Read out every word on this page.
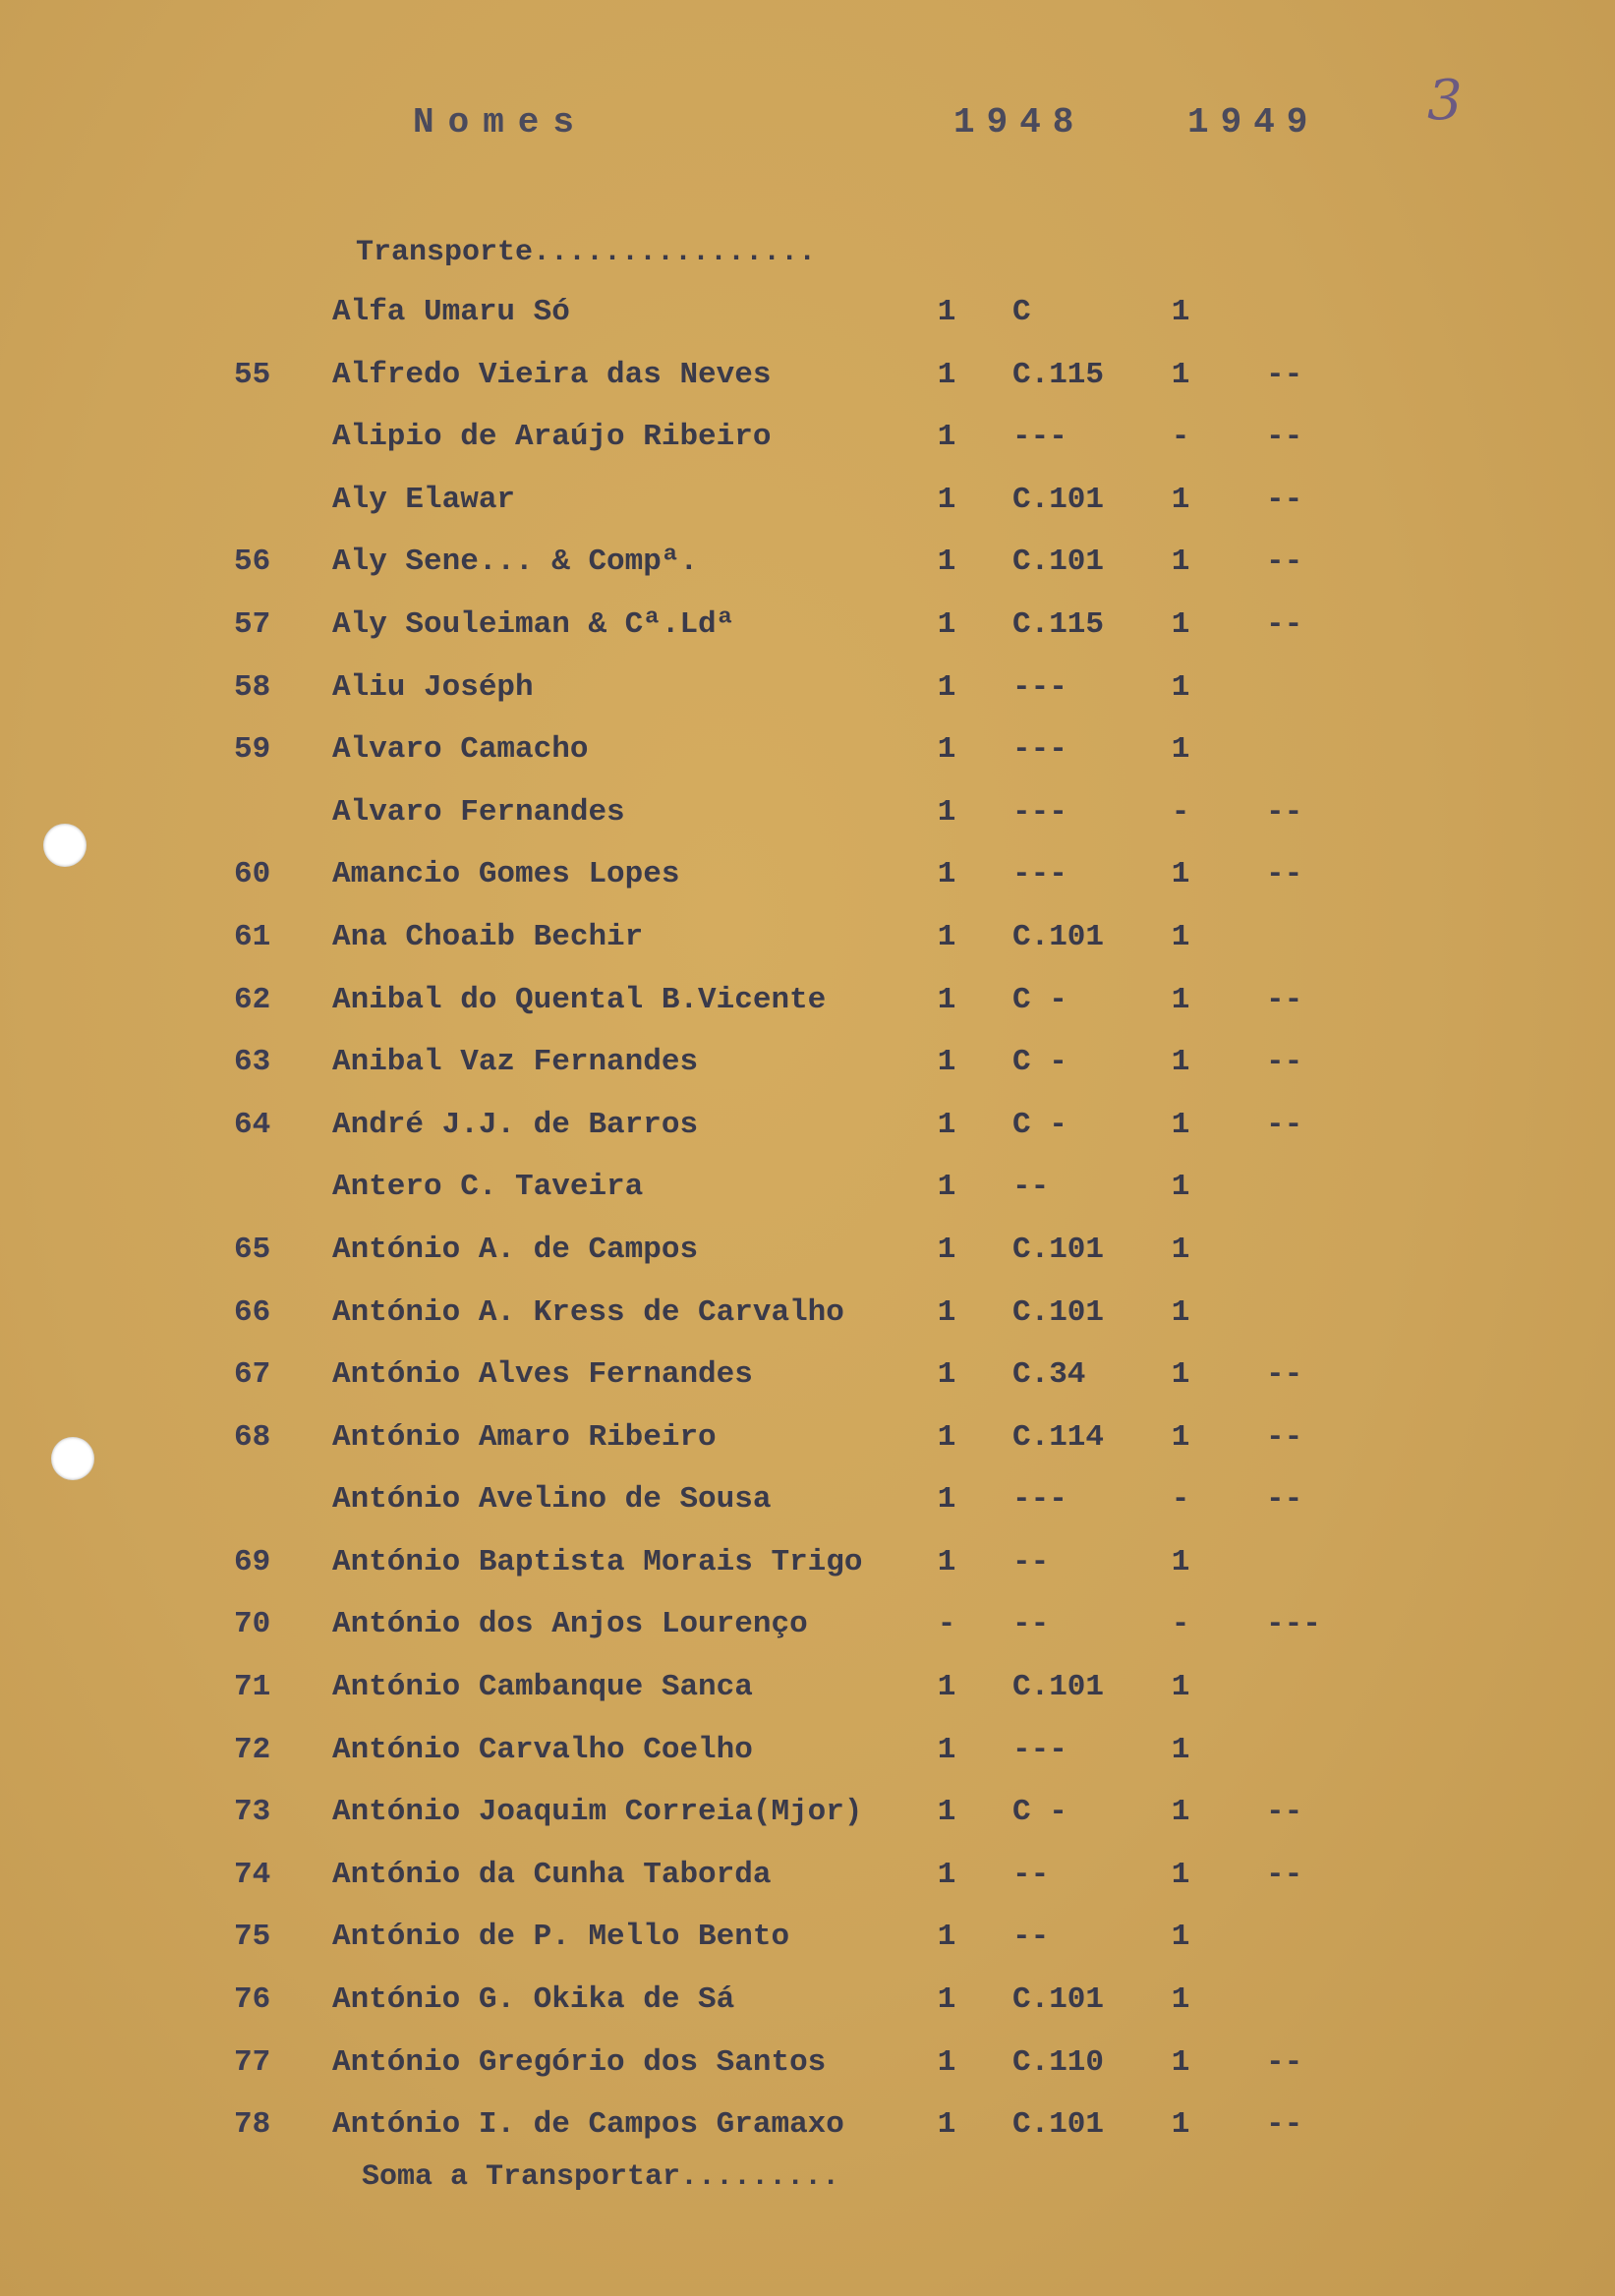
3
Nomes	1948	1949
Transporte................
Alfa Umaru Só	1 C	1
55	Alfredo Vieira das Neves	1 C.115 1	--
Alipio de Araújo Ribeiro	1 ---	-	--
Aly Elawar	1 C.101 1	--
56	Aly Sene... & Compª.	1 C.101 1	--
57	Aly Souleiman & Cª.Ldª	1 C.115 1	--
58	Aliu Joséph	1 ---	1
59	Alvaro Camacho	1 ---	1
Alvaro Fernandes	1 ---	-	--
60	Amancio Gomes Lopes	1 ---	1	--
61	Ana Choaib Bechir	1 C.101 1
62	Anibal do Quental B.Vicente	1 C -	1	--
63	Anibal Vaz Fernandes	1 C -	1	--
64	André J.J. de Barros	1 C -	1	--
Antero C. Taveira	1 --	1
65	António A. de Campos	1 C.101 1
66	António A. Kress de Carvalho	1 C.101 1
67	António Alves Fernandes	1 C.34	1	--
68	António Amaro Ribeiro	1 C.114 1	--
António Avelino de Sousa	1 ---	-	--
69	António Baptista Morais Trigo 1 --	1
70	António dos Anjos Lourenço	- --	-	---
71	António Cambanque Sanca	1 C.101 1
72	António Carvalho Coelho	1 ---	1
73	António Joaquim Correia(Mjor) 1 C -	1	--
74	António da Cunha Taborda	1 --	1	--
75	António de P. Mello Bento	1 --	1
76	António G. Okika de Sá	1 C.101 1
77	António Gregório dos Santos	1 C.110 1	--
78	António I. de Campos Gramaxo	1 C.101 1	--
Soma a Transportar.........
